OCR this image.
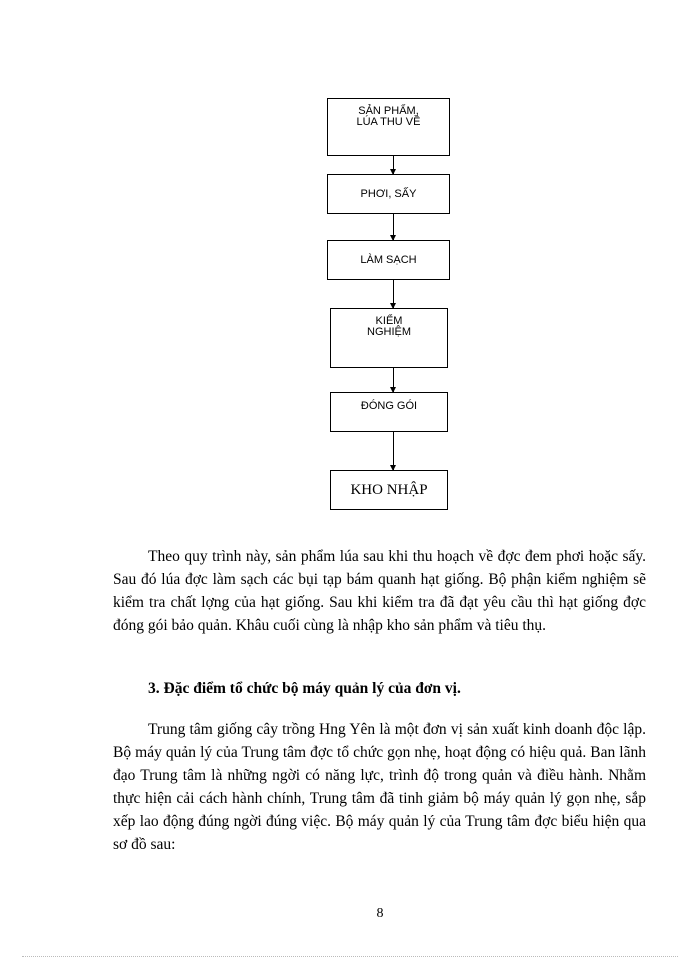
SẢN PHẨM,
LÚA THU VỀ
PHƠI, SẤY
LÀM SẠCH
KIỂM
NGHIỆM
ĐÓNG GÓI
KHO NHẬP

Theo quy trình này, sản phẩm lúa sau khi thu hoạch về đợc đem phơi hoặc sấy. Sau đó lúa đợc làm sạch các bụi tạp bám quanh hạt giống. Bộ phận kiểm nghiệm sẽ kiểm tra chất lợng của hạt giống. Sau khi kiểm tra đã đạt yêu cầu thì hạt giống đợc đóng gói bảo quản. Khâu cuối cùng là nhập kho sản phẩm và tiêu thụ.

3. Đặc điểm tổ chức bộ máy quản lý của đơn vị.

Trung tâm giống cây trồng Hng Yên là một đơn vị sản xuất kinh doanh độc lập. Bộ máy quản lý của Trung tâm đợc tổ chức gọn nhẹ, hoạt động có hiệu quả. Ban lãnh đạo Trung tâm là những ngời có năng lực, trình độ trong quản và điều hành. Nhằm thực hiện cải cách hành chính, Trung tâm đã tinh giảm bộ máy quản lý gọn nhẹ, sắp xếp lao động đúng ngời đúng việc. Bộ máy quản lý của Trung tâm đợc biểu hiện qua sơ đồ sau:

8
